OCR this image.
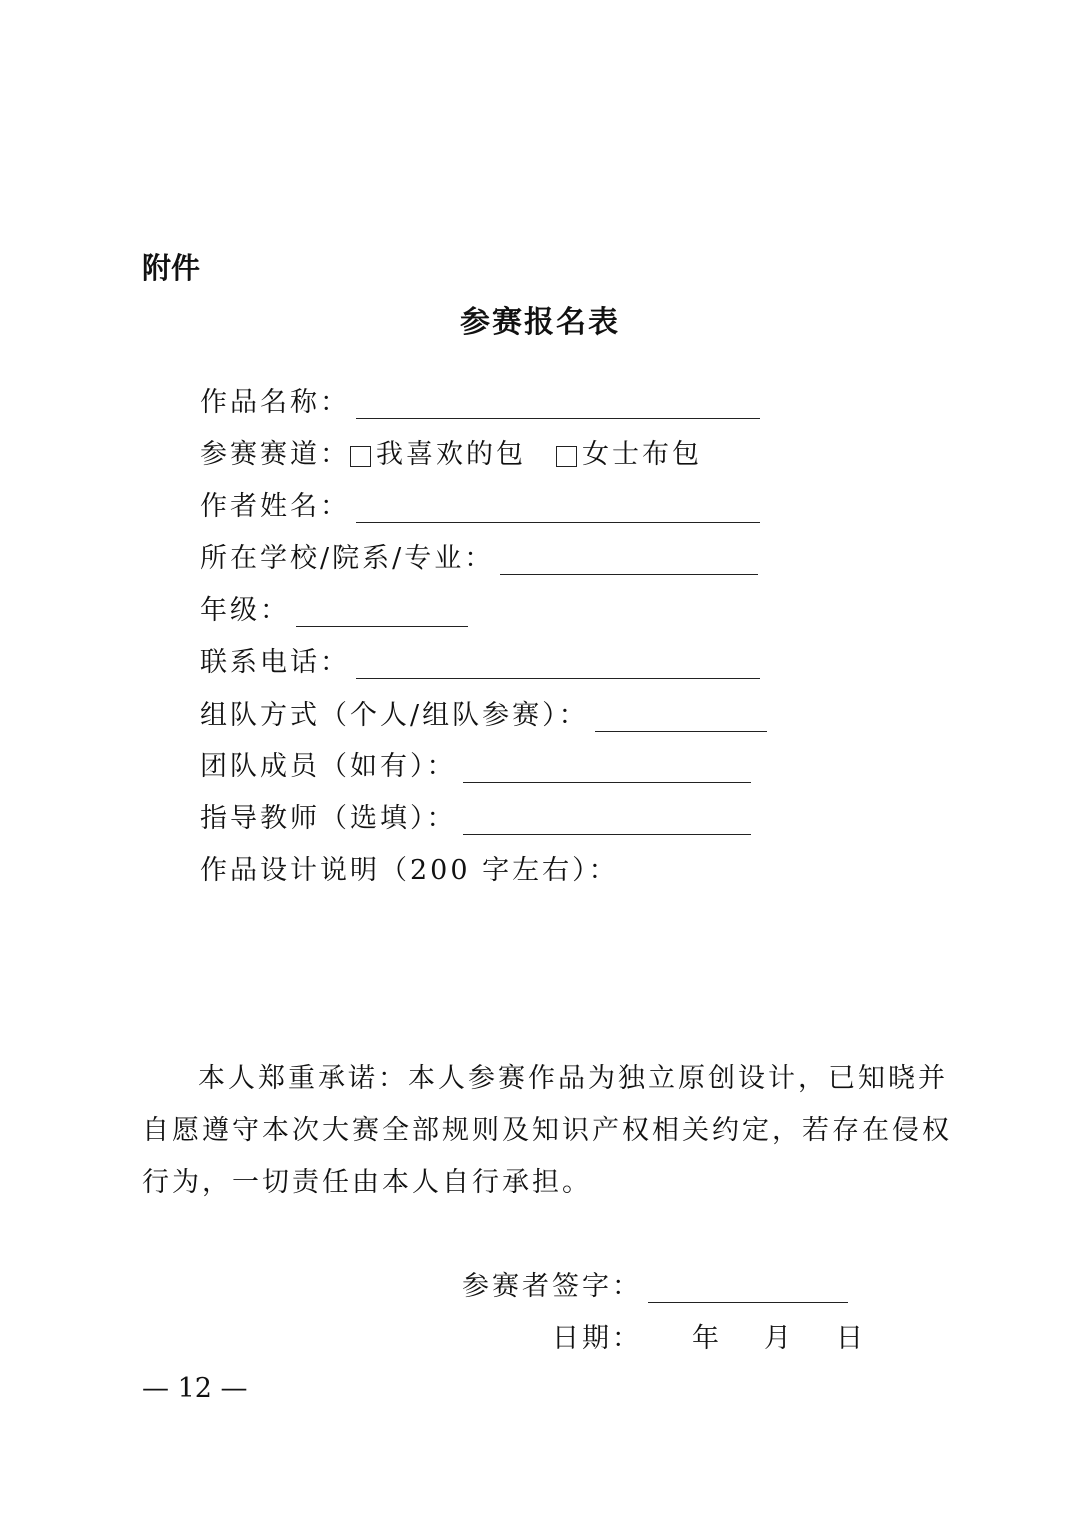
附件
参赛报名表
作品名称：
参赛赛道： 我喜欢的包 女士布包
作者姓名：
所在学校/院系/专业：
年级：
联系电话：
组队方式（个人/组队参赛）：
团队成员（如有）：
指导教师（选填）：
作品设计说明（200 字左右）：
本人郑重承诺：本人参赛作品为独立原创设计，已知晓并
自愿遵守本次大赛全部规则及知识产权相关约定，若存在侵权
行为，一切责任由本人自行承担。
参赛者签字：
日期： 年 月 日
— 12 —
